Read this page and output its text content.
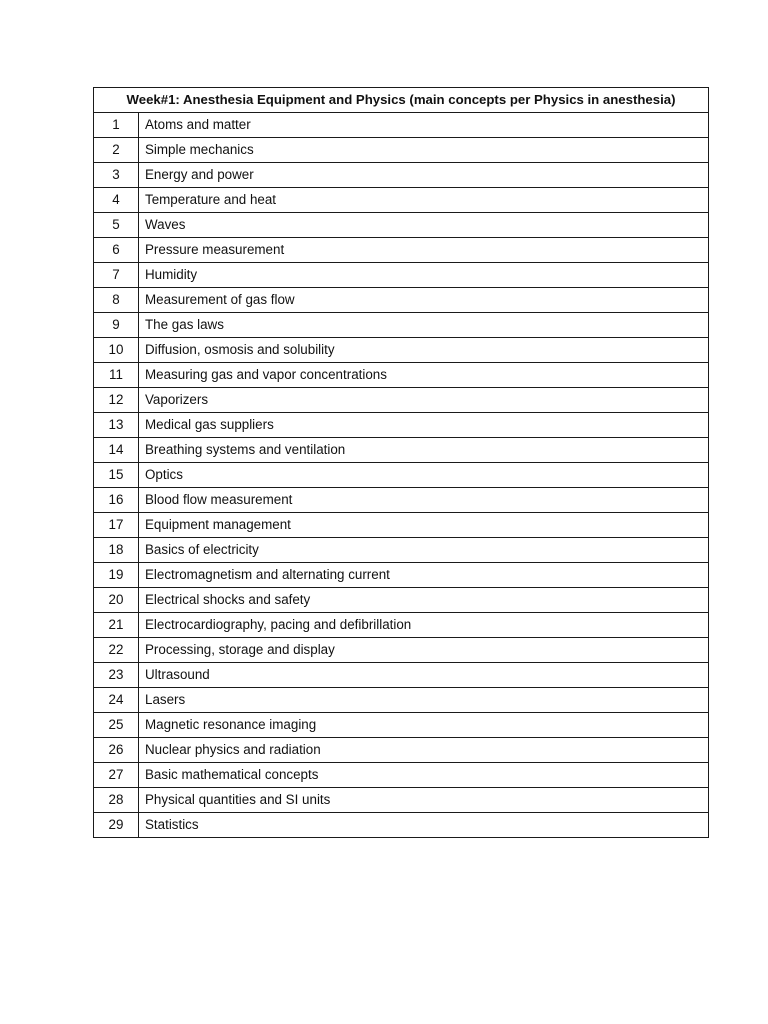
Week#1: Anesthesia Equipment and Physics (main concepts per Physics in anesthesia)	
1	Atoms and matter
2	Simple mechanics
3	Energy and power
4	Temperature and heat
5	Waves
6	Pressure measurement
7	Humidity
8	Measurement of gas flow
9	The gas laws
10	Diffusion, osmosis and solubility
11	Measuring gas and vapor concentrations
12	Vaporizers
13	Medical gas suppliers
14	Breathing systems and ventilation
15	Optics
16	Blood flow measurement
17	Equipment management
18	Basics of electricity
19	Electromagnetism and alternating current
20	Electrical shocks and safety
21	Electrocardiography, pacing and defibrillation
22	Processing, storage and display
23	Ultrasound
24	Lasers
25	Magnetic resonance imaging
26	Nuclear physics and radiation
27	Basic mathematical concepts
28	Physical quantities and SI units
29	Statistics
